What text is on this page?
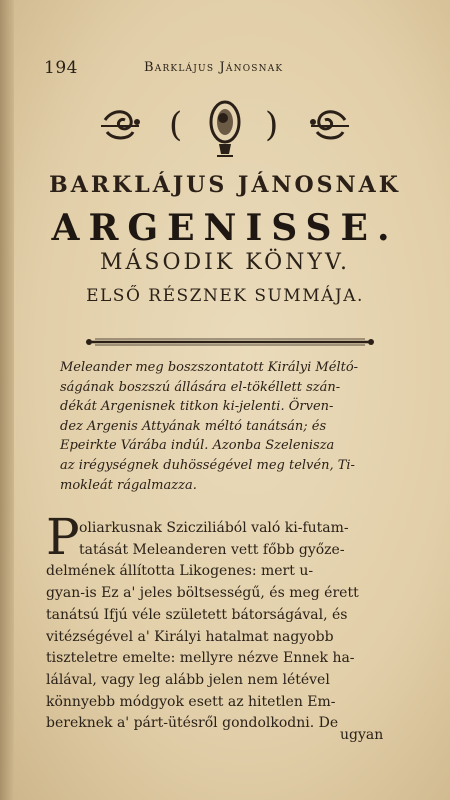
194	Barklájus Jánosnak
( )
BARKLÁJUS JÁNOSNAK
ARGENISSE.
MÁSODIK KÖNYV.
ELSŐ RÉSZNEK SUMMÁJA.
Meleander meg boszszontatott Királyi Méltó-
ságának boszszú állására el-tökéllett szán-
dékát Argenisnek titkon ki-jelenti. Örven-
dez Argenis Attyának méltó tanátsán; és
Epeirkte Várába indúl. Azonba Szelenisza
az irégységnek duhösségével meg telvén, Ti-
mokleát rágalmazza.
P oliarkusnak Szicziliából való ki-futam-
tatását Meleanderen vett főbb győze-
delmének állította Likogenes: mert u-
gyan-is Ez a' jeles böltsességű, és meg érett
tanátsú Ifjú véle született bátorságával, és
vitézségével a' Királyi hatalmat nagyobb
tiszteletre emelte: mellyre nézve Ennek ha-
lálával, vagy leg alább jelen nem létével
könnyebb módgyok esett az hitetlen Em-
bereknek a' párt-ütésről gondolkodni. De
ugyan
